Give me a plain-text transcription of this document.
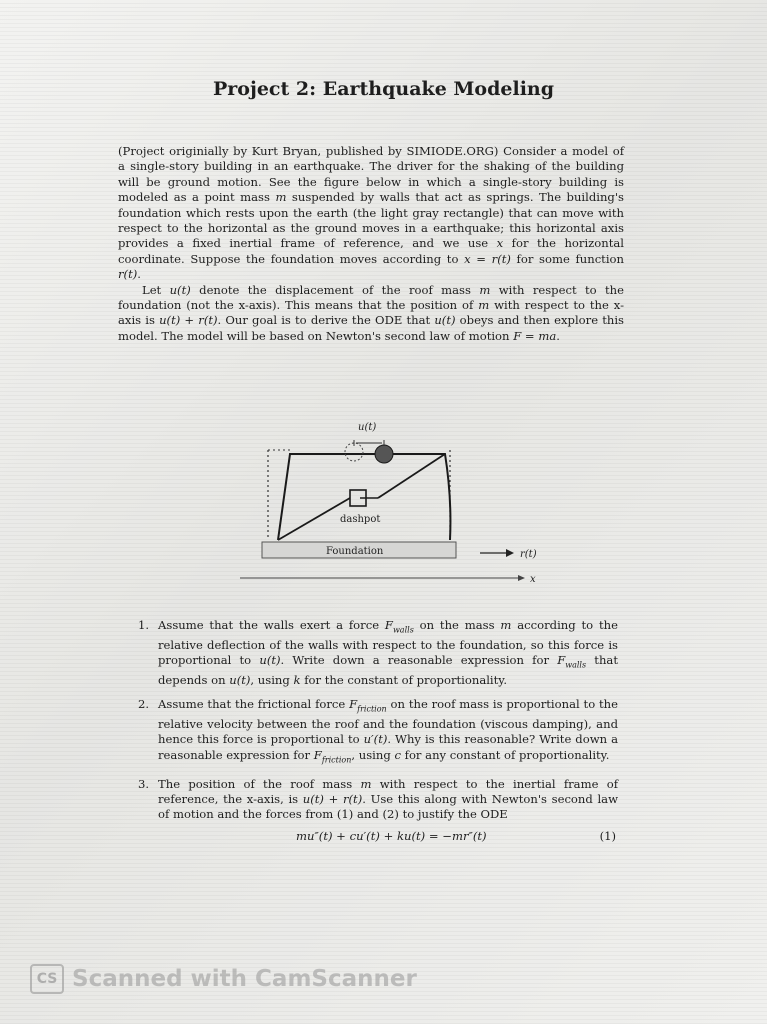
Project 2: Earthquake Modeling

(Project originially by Kurt Bryan, published by SIMIODE.ORG) Consider a model of a single-story building in an earthquake. The driver for the shaking of the building will be ground motion. See the figure below in which a single-story building is modeled as a point mass m suspended by walls that act as springs. The building's foundation which rests upon the earth (the light gray rectangle) that can move with respect to the horizontal as the ground moves in a earthquake; this horizontal axis provides a fixed inertial frame of reference, and we use x for the horizontal coordinate. Suppose the foundation moves according to x = r(t) for some function r(t).

Let u(t) denote the displacement of the roof mass m with respect to the foundation (not the x-axis). This means that the position of m with respect to the x-axis is u(t) + r(t). Our goal is to derive the ODE that u(t) obeys and then explore this model. The model will be based on Newton's second law of motion F = ma.

dashpot
u(t)
Foundation	r(t)
x
1. Assume that the walls exert a force $F_{walls}$ on the mass m according to the relative deflection of the walls with respect to the foundation, so this force is proportional to u(t). Write down a reasonable expression for $F_{walls}$ that depends on u(t), using k for the constant of proportionality.
2. Assume that the frictional force $F_{friction}$ on the roof mass is proportional to the relative velocity between the roof and the foundation (viscous damping), and hence this force is proportional to u′(t). Why is this reasonable? Write down a reasonable expression for $F_{friction}$, using c for any constant of proportionality.
3. The position of the roof mass m with respect to the inertial frame of reference, the x-axis, is u(t) + r(t). Use this along with Newton's second law of motion and the forces from (1) and (2) to justify the ODE
mu″(t) + cu′(t) + ku(t) = −mr″(t)	(1)
CS Scanned with CamScanner
